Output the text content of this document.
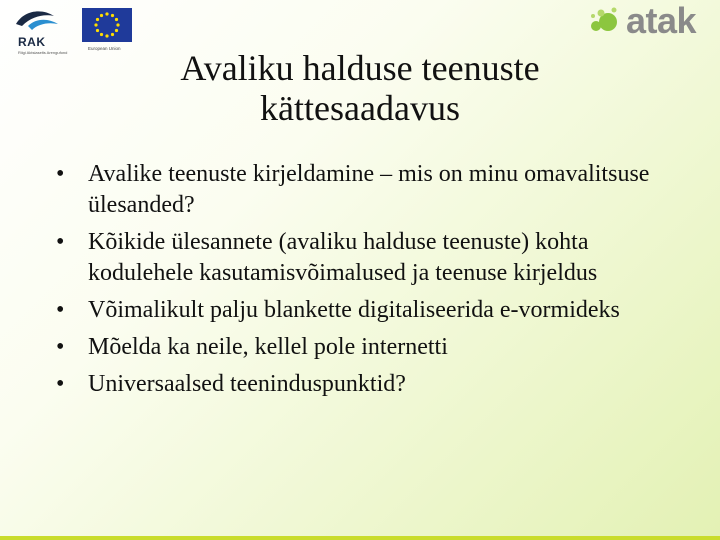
RAK
Riigi Aktsiaselts Arengufond
European Union
atak
Avaliku halduse teenuste
kättesaadavus
• Avalike teenuste kirjeldamine – mis on minu omavalitsuse ülesanded?
• Kõikide ülesannete (avaliku halduse teenuste) kohta kodulehele kasutamisvõimalused ja teenuse kirjeldus
• Võimalikult palju blankette digitaliseerida e-vormideks
• Mõelda ka neile, kellel pole internetti
• Universaalsed teeninduspunktid?
